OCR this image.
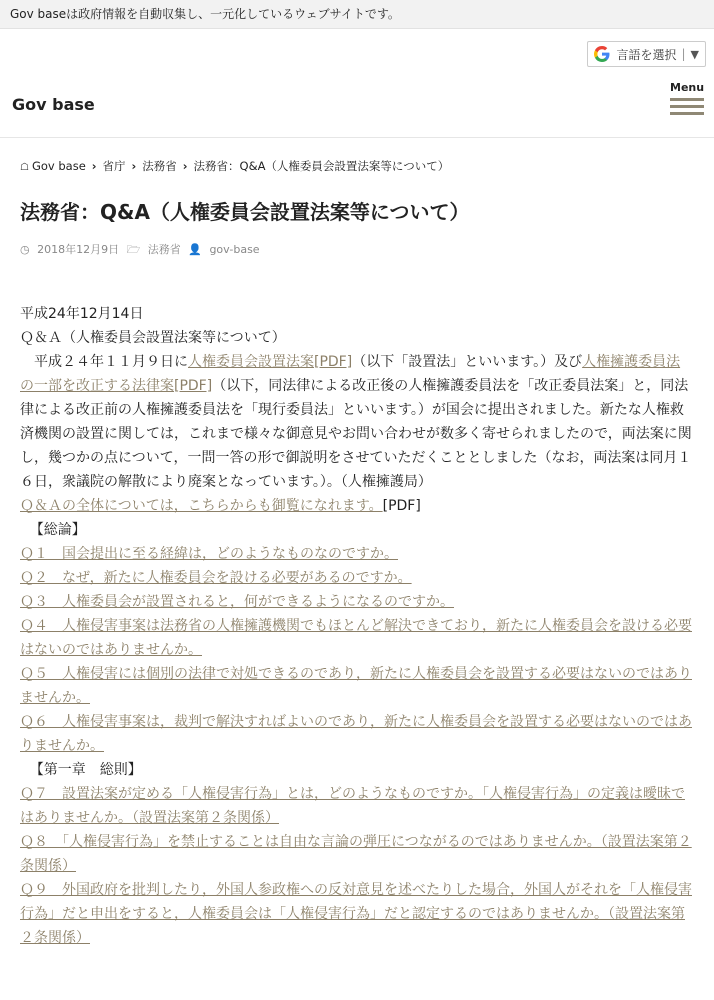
Gov baseは政府情報を自動収集し、一元化しているウェブサイトです。
言語を選択 | ▼
Gov base
Menu
☖ Gov base › 省庁 › 法務省 › 法務省：Q&A（人権委員会設置法案等について）
法務省：Q&A（人権委員会設置法案等について）
◷ 2018年12月9日 🗁 法務省 👤 gov-base

平成24年12月14日

Ｑ＆Ａ（人権委員会設置法案等について）

平成２４年１１月９日に人権委員会設置法案[PDF]（以下「設置法」といいます。）及び人権擁護委員法の一部を改正する法律案[PDF]（以下，同法律による改正後の人権擁護委員法を「改正委員法案」と，同法律による改正前の人権擁護委員法を「現行委員法」といいます。）が国会に提出されました。新たな人権救済機関の設置に関しては，これまで様々な御意見やお問い合わせが数多く寄せられましたので，両法案に関し，幾つかの点について，一問一答の形で御説明をさせていただくこととしました（なお，両法案は同月１６日，衆議院の解散により廃案となっています。）。（人権擁護局）

Ｑ＆Ａの全体については，こちらからも御覧になれます。[PDF]

【総論】

Ｑ１　国会提出に至る経緯は，どのようなものなのですか。

Ｑ２　なぜ，新たに人権委員会を設ける必要があるのですか。

Ｑ３　人権委員会が設置されると，何ができるようになるのですか。

Ｑ４　人権侵害事案は法務省の人権擁護機関でもほとんど解決できており，新たに人権委員会を設ける必要はないのではありませんか。

Ｑ５　人権侵害には個別の法律で対処できるのであり，新たに人権委員会を設置する必要はないのではありませんか。

Ｑ６　人権侵害事案は，裁判で解決すればよいのであり，新たに人権委員会を設置する必要はないのではありませんか。

【第一章　総則】

Ｑ７　設置法案が定める「人権侵害行為」とは，どのようなものですか。「人権侵害行為」の定義は曖昧ではありませんか。（設置法案第２条関係）

Ｑ８　「人権侵害行為」を禁止することは自由な言論の弾圧につながるのではありませんか。（設置法案第２条関係）

Ｑ９　外国政府を批判したり，外国人参政権への反対意見を述べたりした場合，外国人がそれを「人権侵害行為」だと申出をすると，人権委員会は「人権侵害行為」だと認定するのではありませんか。（設置法案第２条関係）
